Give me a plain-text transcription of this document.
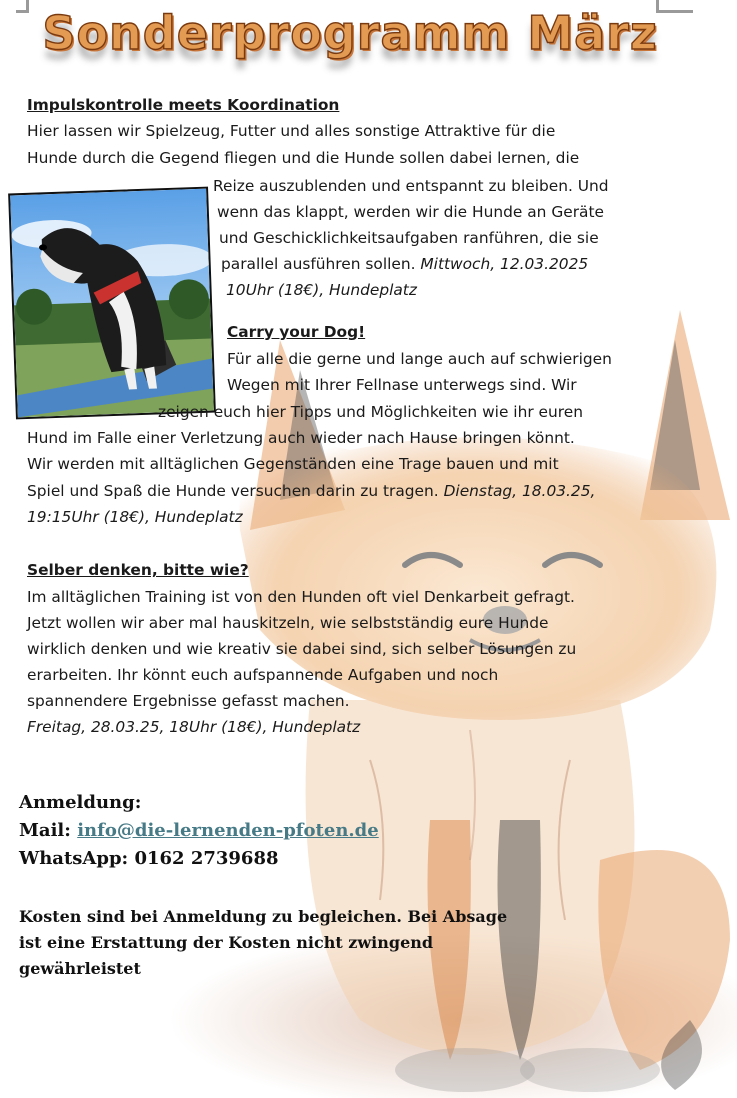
Sonderprogramm März
Impulskontrolle meets Koordination
Hier lassen wir Spielzeug, Futter und alles sonstige Attraktive für die
Hunde durch die Gegend fliegen und die Hunde sollen dabei lernen, die
Reize auszublenden und entspannt zu bleiben. Und
wenn das klappt, werden wir die Hunde an Geräte
und Geschicklichkeitsaufgaben ranführen, die sie
parallel ausführen sollen. Mittwoch, 12.03.2025
10Uhr (18€), Hundeplatz
Carry your Dog!
Für alle die gerne und lange auch auf schwierigen
Wegen mit Ihrer Fellnase unterwegs sind. Wir
zeigen euch hier Tipps und Möglichkeiten wie ihr euren
Hund im Falle einer Verletzung auch wieder nach Hause bringen könnt.
Wir werden mit alltäglichen Gegenständen eine Trage bauen und mit
Spiel und Spaß die Hunde versuchen darin zu tragen. Dienstag, 18.03.25,
19:15Uhr (18€), Hundeplatz
Selber denken, bitte wie?
Im alltäglichen Training ist von den Hunden oft viel Denkarbeit gefragt.
Jetzt wollen wir aber mal hauskitzeln, wie selbstständig eure Hunde
wirklich denken und wie kreativ sie dabei sind, sich selber Lösungen zu
erarbeiten. Ihr könnt euch aufspannende Aufgaben und noch
spannendere Ergebnisse gefasst machen.
Freitag, 28.03.25, 18Uhr (18€), Hundeplatz
Anmeldung:
Mail: info@die-lernenden-pfoten.de
WhatsApp: 0162 2739688
Kosten sind bei Anmeldung zu begleichen. Bei Absage
ist eine Erstattung der Kosten nicht zwingend
gewährleistet
